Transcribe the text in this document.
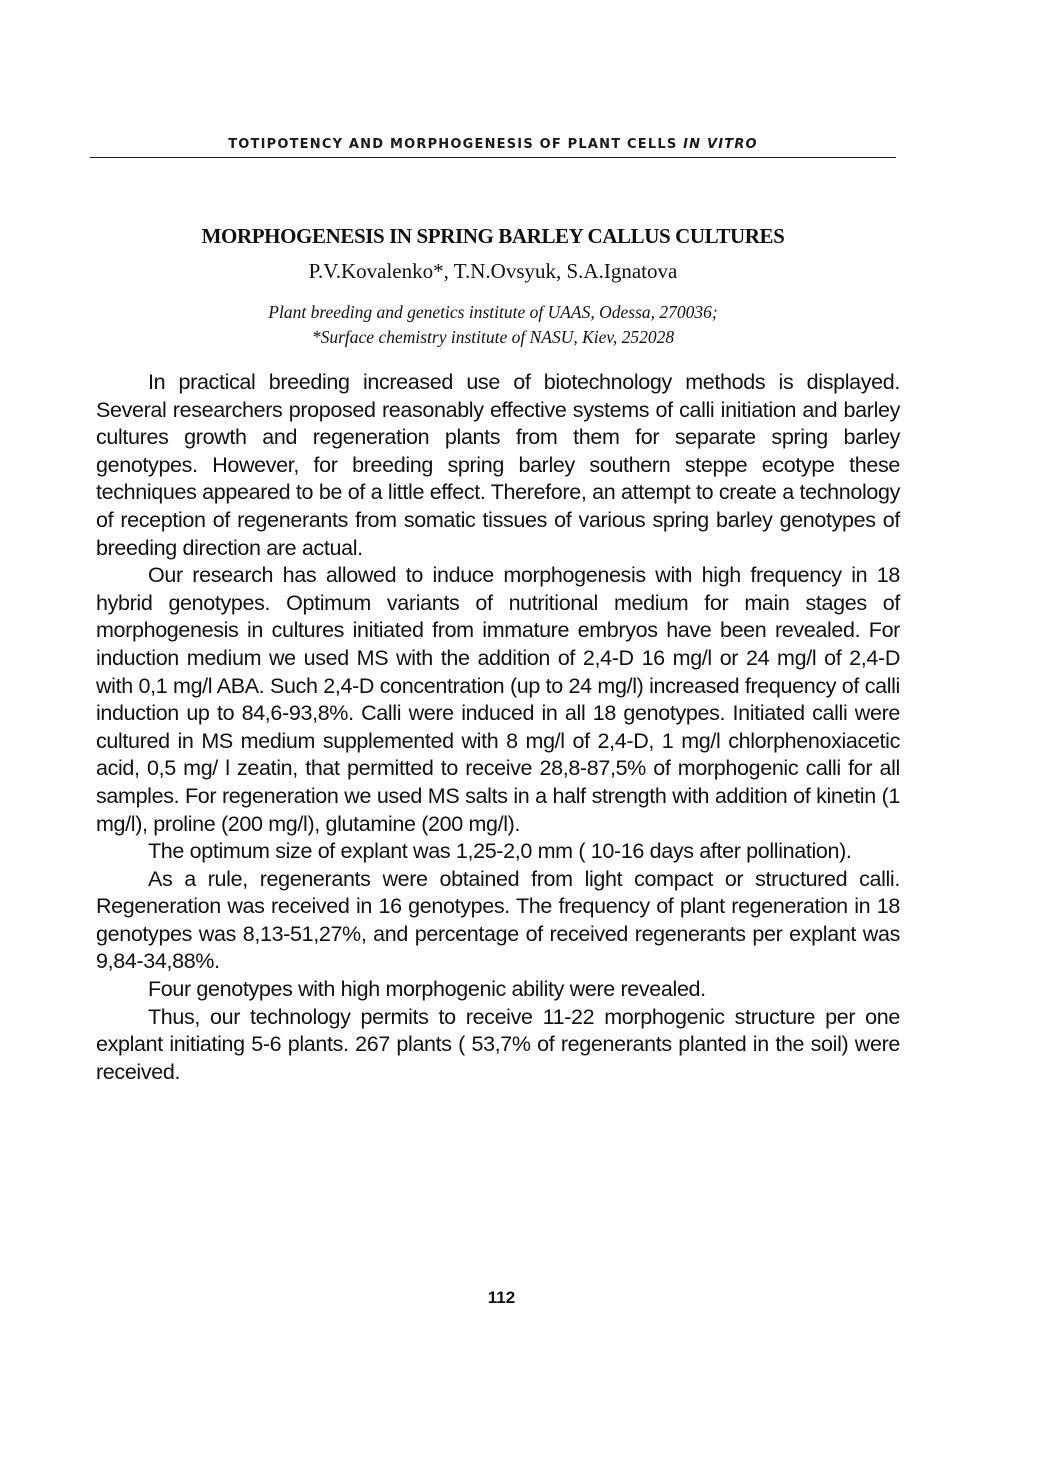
TOTIPOTENCY AND MORPHOGENESIS OF PLANT CELLS IN VITRO
MORPHOGENESIS IN SPRING BARLEY CALLUS CULTURES
P.V.Kovalenko*, T.N.Ovsyuk, S.A.Ignatova
Plant breeding and genetics institute of UAAS, Odessa, 270036;
*Surface chemistry institute of NASU, Kiev, 252028

In practical breeding increased use of biotechnology methods is displayed. Several researchers proposed reasonably effective systems of calli initiation and barley cultures growth and regeneration plants from them for separate spring barley genotypes. However, for breeding spring barley southern steppe ecotype these techniques appeared to be of a little effect. Therefore, an attempt to create a technology of reception of regenerants from somatic tissues of various spring barley genotypes of breeding direction are actual.

Our research has allowed to induce morphogenesis with high frequency in 18 hybrid genotypes. Optimum variants of nutritional medium for main stages of morphogenesis in cultures initiated from immature embryos have been revealed. For induction medium we used MS with the addition of 2,4-D 16 mg/l or 24 mg/l of 2,4-D with 0,1 mg/l ABA. Such 2,4-D concentration (up to 24 mg/l) increased frequency of calli induction up to 84,6-93,8%. Calli were induced in all 18 genotypes. Initiated calli were cultured in MS medium supplemented with 8 mg/l of 2,4-D, 1 mg/l chlorphenoxiacetic acid, 0,5 mg/ l zeatin, that permitted to receive 28,8-87,5% of morphogenic calli for all samples. For regeneration we used MS salts in a half strength with addition of kinetin (1 mg/l), proline (200 mg/l), glutamine (200 mg/l).

The optimum size of explant was 1,25-2,0 mm ( 10-16 days after pollination).

As a rule, regenerants were obtained from light compact or structured calli. Regeneration was received in 16 genotypes. The frequency of plant regeneration in 18 genotypes was 8,13-51,27%, and percentage of received regenerants per explant was 9,84-34,88%.

Four genotypes with high morphogenic ability were revealed.

Thus, our technology permits to receive 11-22 morphogenic structure per one explant initiating 5-6 plants. 267 plants ( 53,7% of regenerants planted in the soil) were received.

112
